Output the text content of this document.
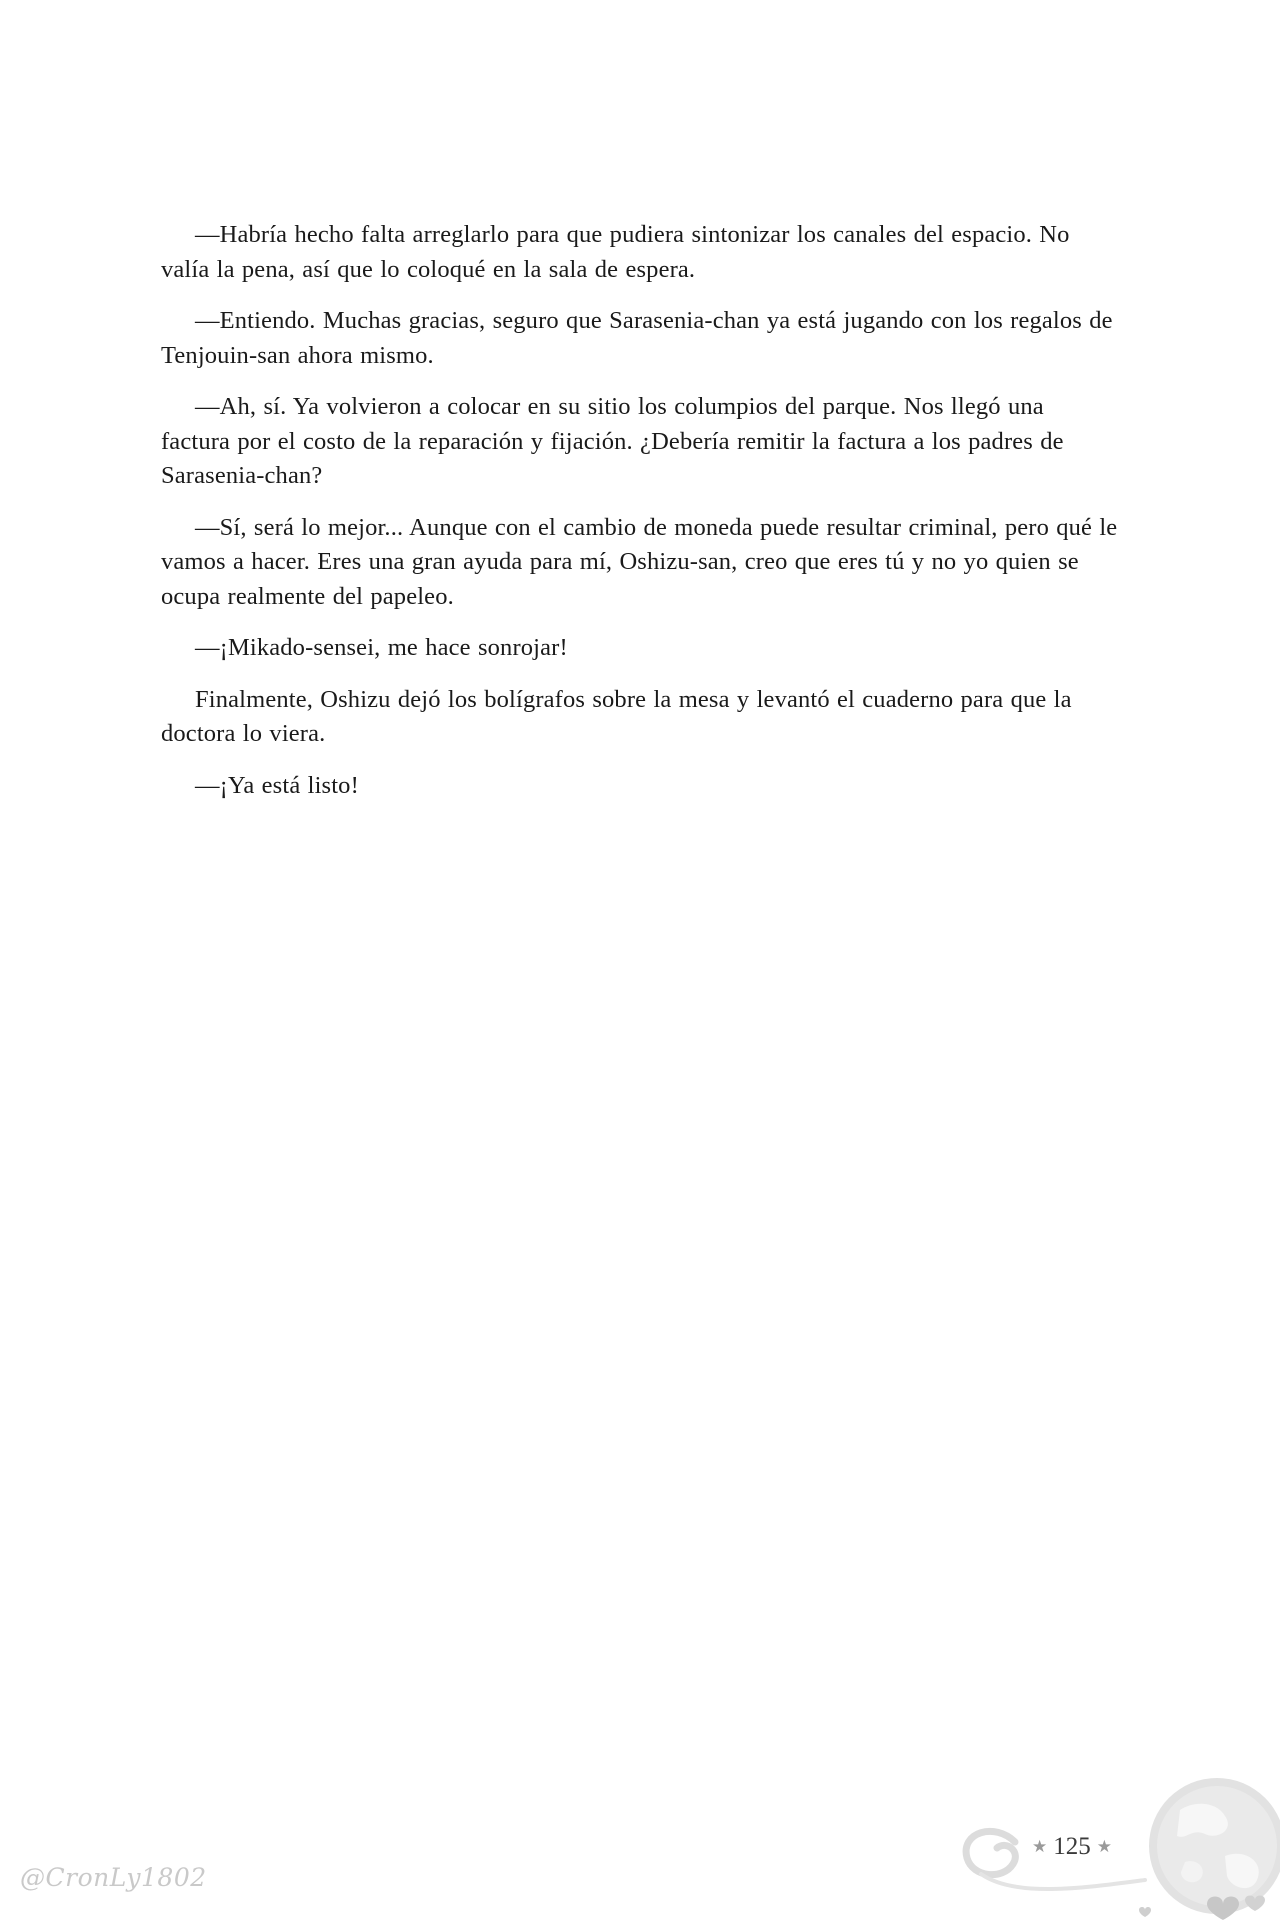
—Habría hecho falta arreglarlo para que pudiera sintonizar los canales del espacio. No valía la pena, así que lo coloqué en la sala de espera.

—Entiendo. Muchas gracias, seguro que Sarasenia-chan ya está jugando con los regalos de Tenjouin-san ahora mismo.

—Ah, sí. Ya volvieron a colocar en su sitio los columpios del parque. Nos llegó una factura por el costo de la reparación y fijación. ¿Debería remitir la factura a los padres de Sarasenia-chan?

—Sí, será lo mejor... Aunque con el cambio de moneda puede resultar criminal, pero qué le vamos a hacer. Eres una gran ayuda para mí, Oshizu-san, creo que eres tú y no yo quien se ocupa realmente del papeleo.

—¡Mikado-sensei, me hace sonrojar!

Finalmente, Oshizu dejó los bolígrafos sobre la mesa y levantó el cuaderno para que la doctora lo viera.

—¡Ya está listo!

@CronLy1802
★ 125 ★
